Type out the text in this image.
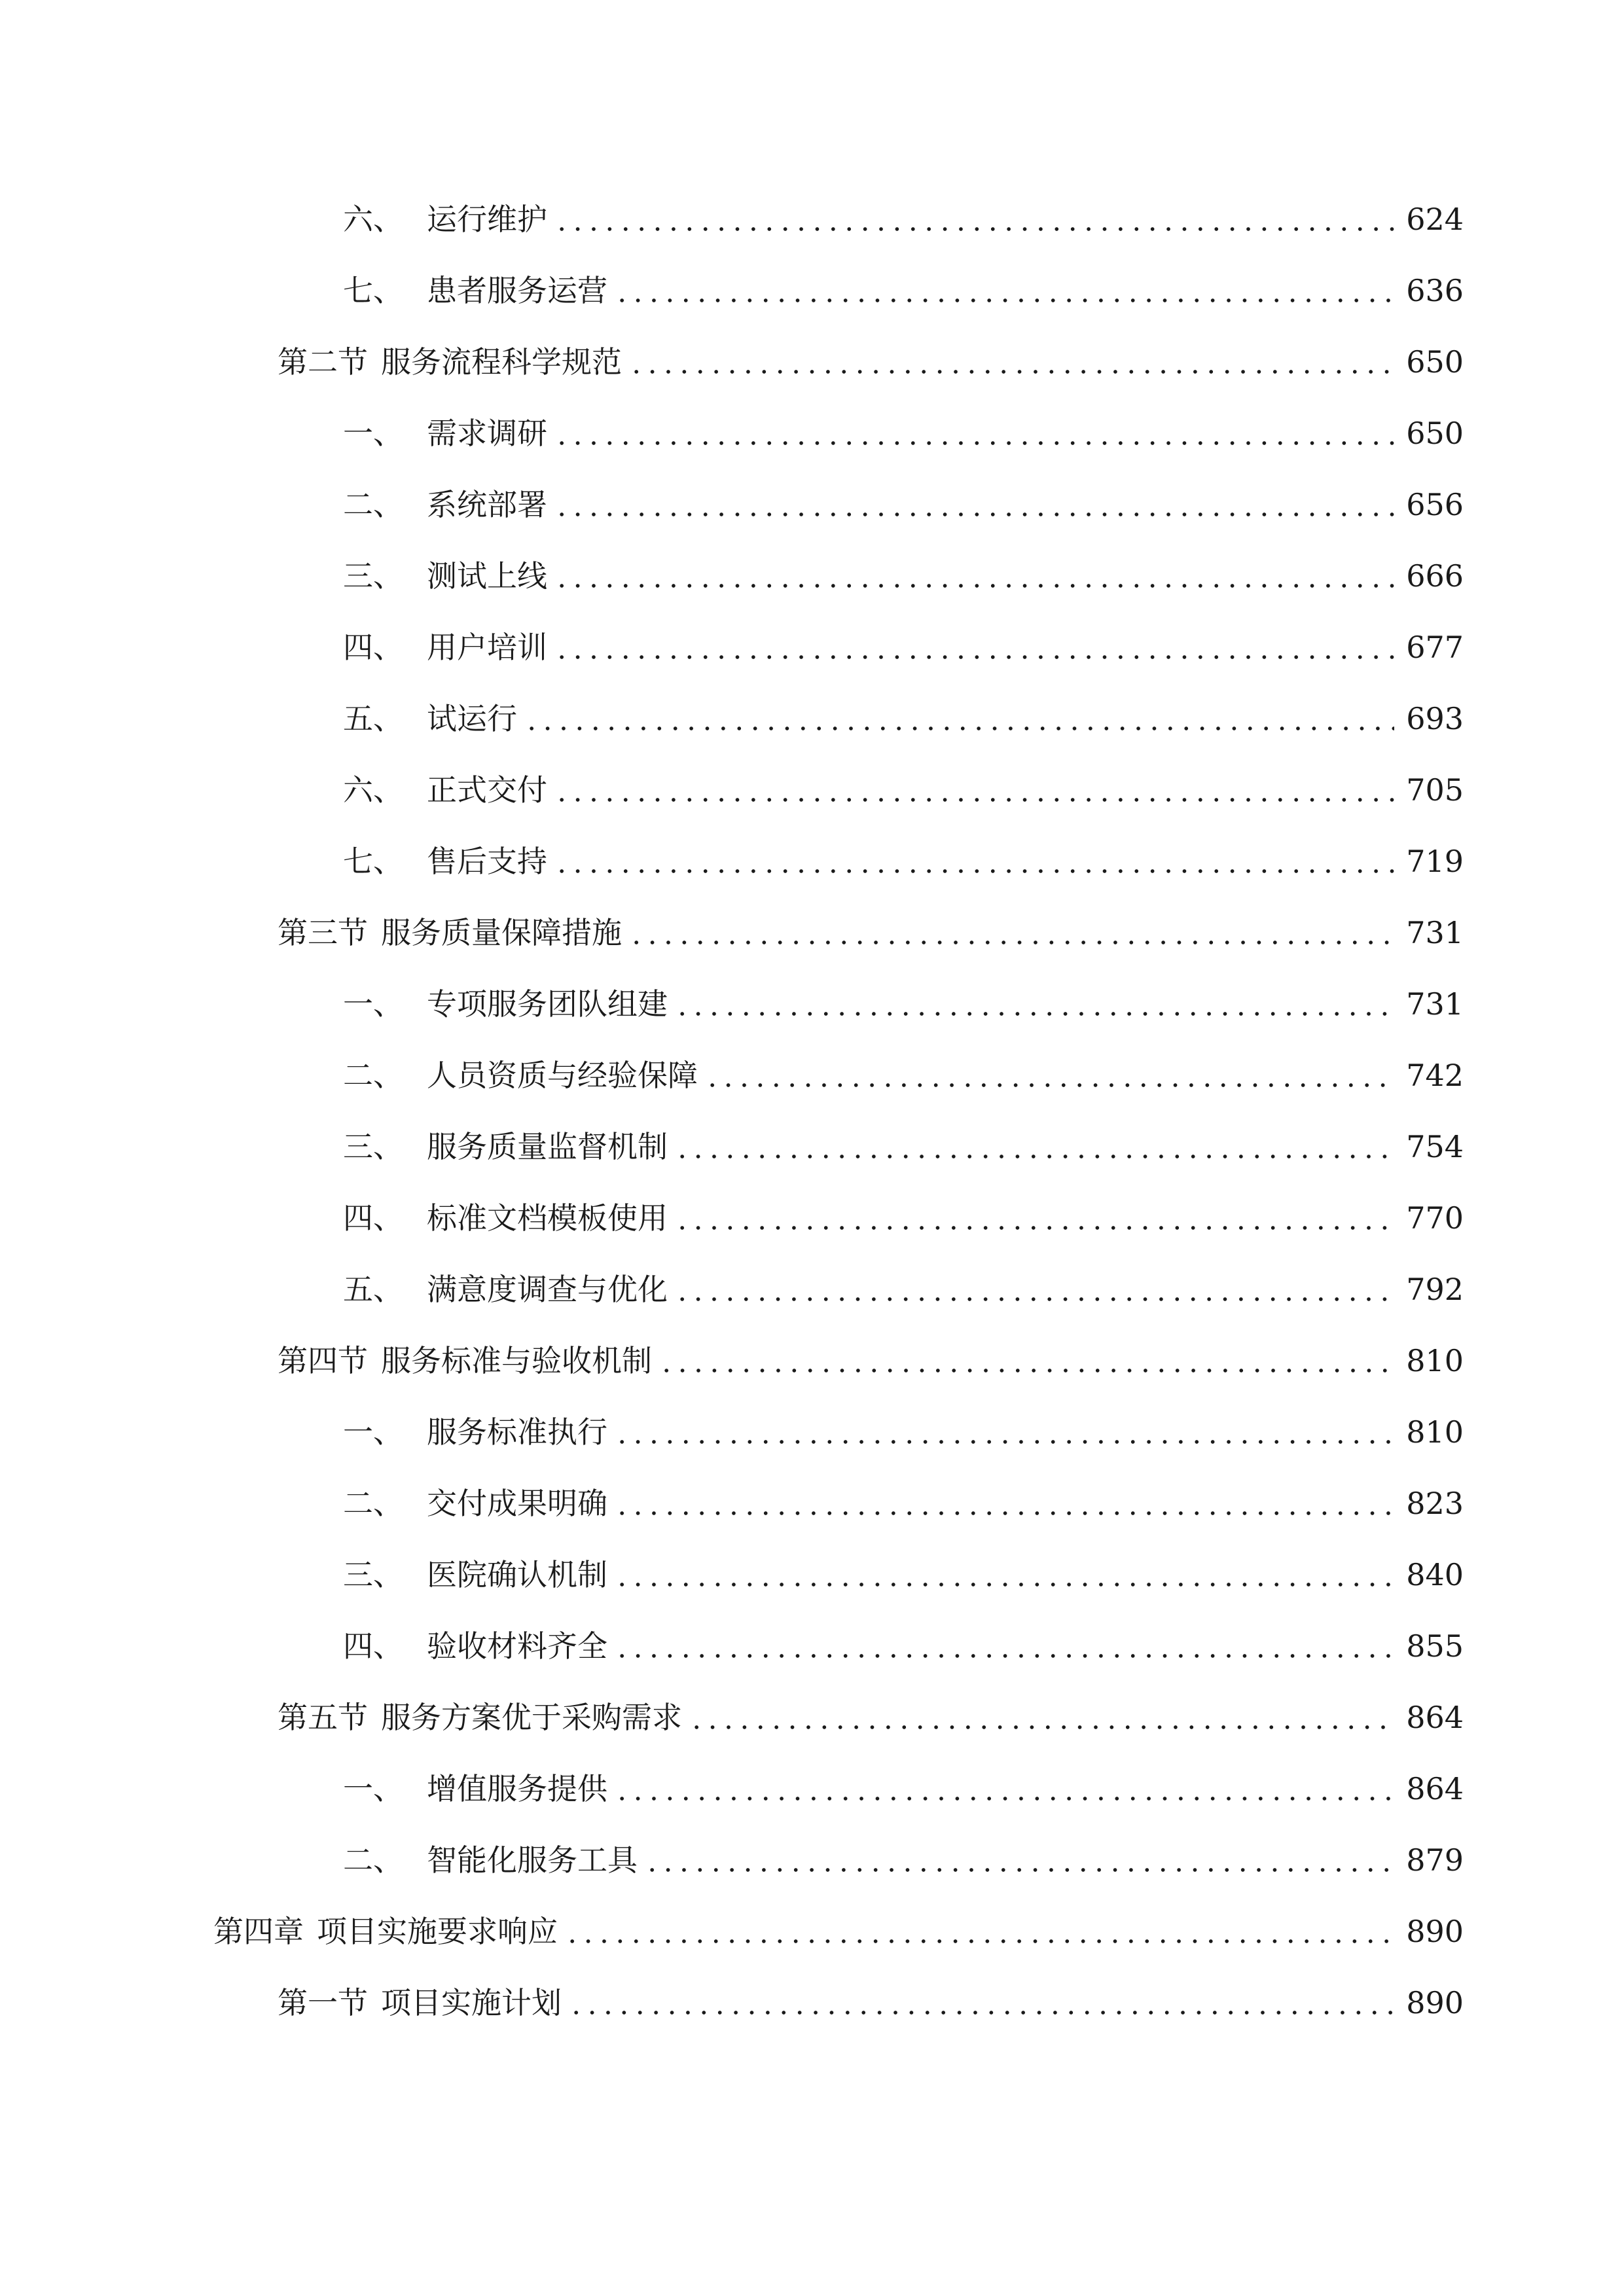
六、 运行维护	624
七、 患者服务运营	636
第二节 服务流程科学规范	650
一、 需求调研	650
二、 系统部署	656
三、 测试上线	666
四、 用户培训	677
五、 试运行	693
六、 正式交付	705
七、 售后支持	719
第三节 服务质量保障措施	731
一、 专项服务团队组建	731
二、 人员资质与经验保障	742
三、 服务质量监督机制	754
四、 标准文档模板使用	770
五、 满意度调查与优化	792
第四节 服务标准与验收机制	810
一、 服务标准执行	810
二、 交付成果明确	823
三、 医院确认机制	840
四、 验收材料齐全	855
第五节 服务方案优于采购需求	864
一、 增值服务提供	864
二、 智能化服务工具	879
第四章 项目实施要求响应	890
第一节 项目实施计划	890
